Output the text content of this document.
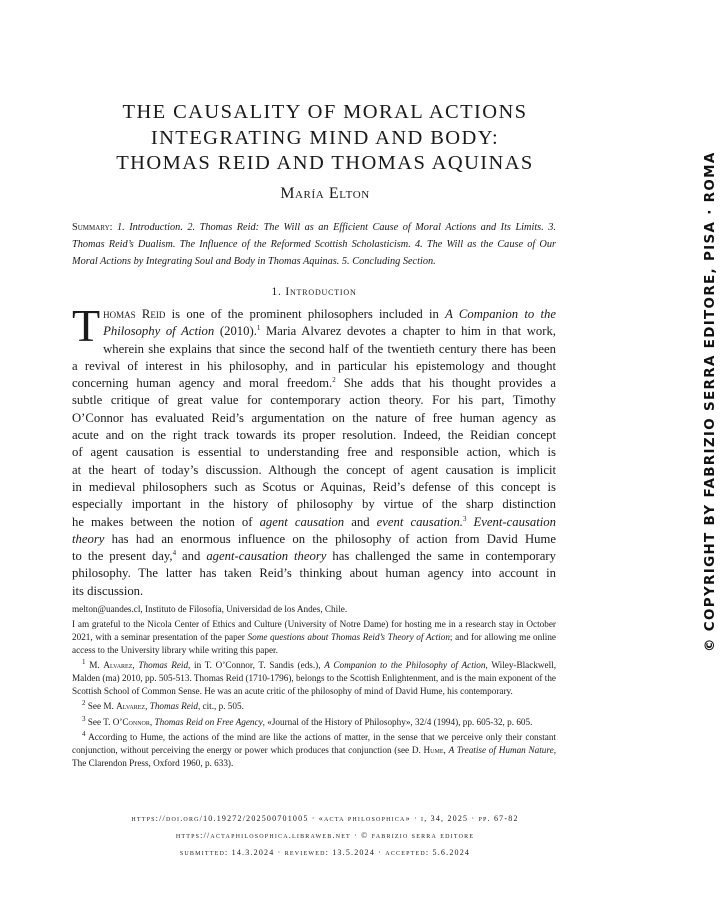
THE CAUSALITY OF MORAL ACTIONS
INTEGRATING MIND AND BODY:
THOMAS REID AND THOMAS AQUINAS
María Elton
Summary: 1. Introduction. 2. Thomas Reid: The Will as an Efficient Cause of Moral Actions and Its Limits. 3. Thomas Reid’s Dualism. The Influence of the Reformed Scottish Scholasticism. 4. The Will as the Cause of Our Moral Actions by Integrating Soul and Body in Thomas Aquinas. 5. Concluding Section.
1. Introduction
T homas Reid is one of the prominent philosophers included in A Companion to the
Philosophy of Action (2010).$^1$ Maria Alvarez devotes a chapter to him in that work,
wherein she explains that since the second half of the twentieth century there has been
a revival of interest in his philosophy, and in particular his epistemology and thought
concerning human agency and moral freedom.$^2$ She adds that his thought provides a
subtle critique of great value for contemporary action theory. For his part, Timothy
O’Connor has evaluated Reid’s argumentation on the nature of free human agency as
acute and on the right track towards its proper resolution. Indeed, the Reidian concept
of agent causation is essential to understanding free and responsible action, which is
at the heart of today’s discussion. Although the concept of agent causation is implicit
in medieval philosophers such as Scotus or Aquinas, Reid’s defense of this concept is
especially important in the history of philosophy by virtue of the sharp distinction
he makes between the notion of agent causation and event causation.$^3$ Event-causation
theory has had an enormous influence on the philosophy of action from David Hume
to the present day,$^4$ and agent-causation theory has challenged the same in contemporary
philosophy. The latter has taken Reid’s thinking about human agency into account in
its discussion.

melton@uandes.cl, Instituto de Filosofía, Universidad de los Andes, Chile.

I am grateful to the Nicola Center of Ethics and Culture (University of Notre Dame) for hosting me in a research stay in October 2021, with a seminar presentation of the paper Some questions about Thomas Reid’s Theory of Action; and for allowing me online access to the University library while writing this paper.

$^1$ M. Alvarez, Thomas Reid, in T. O’Connor, T. Sandis (eds.), A Companion to the Philosophy of Action, Wiley-Blackwell, Malden (ma) 2010, pp. 505-513. Thomas Reid (1710-1796), belongs to the Scottish Enlightenment, and is the main exponent of the Scottish School of Common Sense. He was an acute critic of the philosophy of mind of David Hume, his contemporary.

$^2$ See M. Alvarez, Thomas Reid, cit., p. 505.

$^3$ See T. O’Connor, Thomas Reid on Free Agency, «Journal of the History of Philosophy», 32/4 (1994), pp. 605-32, p. 605.

$^4$ According to Hume, the actions of the mind are like the actions of matter, in the sense that we perceive only their constant conjunction, without perceiving the energy or power which produces that conjunction (see D. Hume, A Treatise of Human Nature, The Clarendon Press, Oxford 1960, p. 633).

https://doi.org/10.19272/202500701005 · «acta philosophica» · i, 34, 2025 · pp. 67-82
https://actaphilosophica.libraweb.net · © fabrizio serra editore
submitted: 14.3.2024 · reviewed: 13.5.2024 · accepted: 5.6.2024
© COPYRIGHT BY FABRIZIO SERRA EDITORE, PISA · ROMA
